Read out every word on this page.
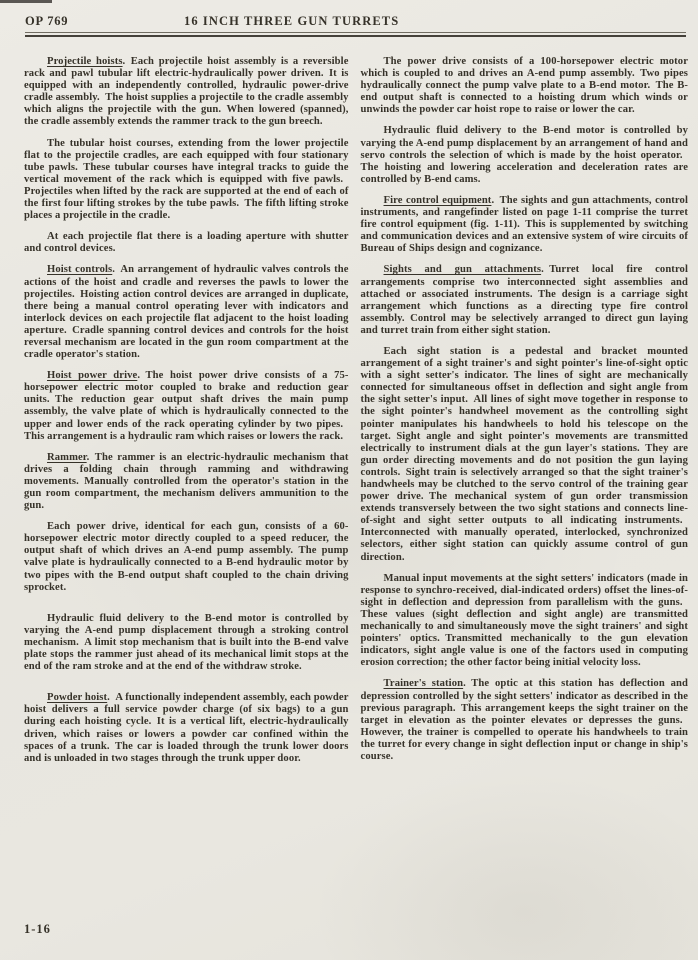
OP 769	16 INCH THREE GUN TURRETS

Projectile hoists. Each projectile hoist assembly is a reversible rack and pawl tubular lift electric-hydraulically power driven. It is equipped with an independently controlled, hydraulic power-drive cradle assembly. The hoist supplies a projectile to the cradle assembly which aligns the projectile with the gun. When lowered (spanned), the cradle assembly extends the rammer track to the gun breech.

The tubular hoist courses, extending from the lower projectile flat to the projectile cradles, are each equipped with four stationary tube pawls. These tubular courses have integral tracks to guide the vertical movement of the rack which is equipped with five pawls. Projectiles when lifted by the rack are supported at the end of each of the first four lifting strokes by the tube pawls. The fifth lifting stroke places a projectile in the cradle.

At each projectile flat there is a loading aperture with shutter and control devices.

Hoist controls. An arrangement of hydraulic valves controls the actions of the hoist and cradle and reverses the pawls to lower the projectiles. Hoisting action control devices are arranged in duplicate, there being a manual control operating lever with indicators and interlock devices on each projectile flat adjacent to the hoist loading aperture. Cradle spanning control devices and controls for the hoist reversal mechanism are located in the gun room compartment at the cradle operator's station.

Hoist power drive. The hoist power drive consists of a 75-horsepower electric motor coupled to brake and reduction gear units. The reduction gear output shaft drives the main pump assembly, the valve plate of which is hydraulically connected to the upper and lower ends of the rack operating cylinder by two pipes. This arrangement is a hydraulic ram which raises or lowers the rack.

Rammer. The rammer is an electric-hydraulic mechanism that drives a folding chain through ramming and withdrawing movements. Manually controlled from the operator's station in the gun room compartment, the mechanism delivers ammunition to the gun.

Each power drive, identical for each gun, consists of a 60-horsepower electric motor directly coupled to a speed reducer, the output shaft of which drives an A-end pump assembly. The pump valve plate is hydraulically connected to a B-end hydraulic motor by two pipes with the B-end output shaft coupled to the chain driving sprocket.

Hydraulic fluid delivery to the B-end motor is controlled by varying the A-end pump displacement through a stroking control mechanism. A limit stop mechanism that is built into the B-end valve plate stops the rammer just ahead of its mechanical limit stops at the end of the ram stroke and at the end of the withdraw stroke.

Powder hoist. A functionally independent assembly, each powder hoist delivers a full service powder charge (of six bags) to a gun during each hoisting cycle. It is a vertical lift, electric-hydraulically driven, which raises or lowers a powder car confined within the spaces of a trunk. The car is loaded through the trunk lower doors and is unloaded in two stages through the trunk upper door.

The power drive consists of a 100-horsepower electric motor which is coupled to and drives an A-end pump assembly. Two pipes hydraulically connect the pump valve plate to a B-end motor. The B-end output shaft is connected to a hoisting drum which winds or unwinds the powder car hoist rope to raise or lower the car.

Hydraulic fluid delivery to the B-end motor is controlled by varying the A-end pump displacement by an arrangement of hand and servo controls the selection of which is made by the hoist operator. The hoisting and lowering acceleration and deceleration rates are controlled by B-end cams.

Fire control equipment. The sights and gun attachments, control instruments, and rangefinder listed on page 1-11 comprise the turret fire control equipment (fig. 1-11). This is supplemented by switching and communication devices and an extensive system of wire circuits of Bureau of Ships design and cognizance.

Sights and gun attachments. Turret local fire control arrangements comprise two interconnected sight assemblies and attached or associated instruments. The design is a carriage sight arrangement which functions as a directing type fire control assembly. Control may be selectively arranged to direct gun laying and turret train from either sight station.

Each sight station is a pedestal and bracket mounted arrangement of a sight trainer's and sight pointer's line-of-sight optic with a sight setter's indicator. The lines of sight are mechanically connected for simultaneous offset in deflection and sight angle from the sight setter's input. All lines of sight move together in response to the sight pointer's handwheel movement as the controlling sight pointer manipulates his handwheels to hold his telescope on the target. Sight angle and sight pointer's movements are transmitted electrically to instrument dials at the gun layer's stations. They are gun order directing movements and do not position the gun laying controls. Sight train is selectively arranged so that the sight trainer's handwheels may be clutched to the servo control of the training gear power drive. The mechanical system of gun order transmission extends transversely between the two sight stations and connects line-of-sight and sight setter outputs to all indicating instruments. Interconnected with manually operated, interlocked, synchronized selectors, either sight station can quickly assume control of gun direction.

Manual input movements at the sight setters' indicators (made in response to synchro-received, dial-indicated orders) offset the lines-of-sight in deflection and depression from parallelism with the guns. These values (sight deflection and sight angle) are transmitted mechanically to and simultaneously move the sight trainers' and sight pointers' optics. Transmitted mechanically to the gun elevation indicators, sight angle value is one of the factors used in computing erosion correction; the other factor being initial velocity loss.

Trainer's station. The optic at this station has deflection and depression controlled by the sight setters' indicator as described in the previous paragraph. This arrangement keeps the sight trainer on the target in elevation as the pointer elevates or depresses the guns. However, the trainer is compelled to operate his handwheels to train the turret for every change in sight deflection input or change in ship's course.

1-16
